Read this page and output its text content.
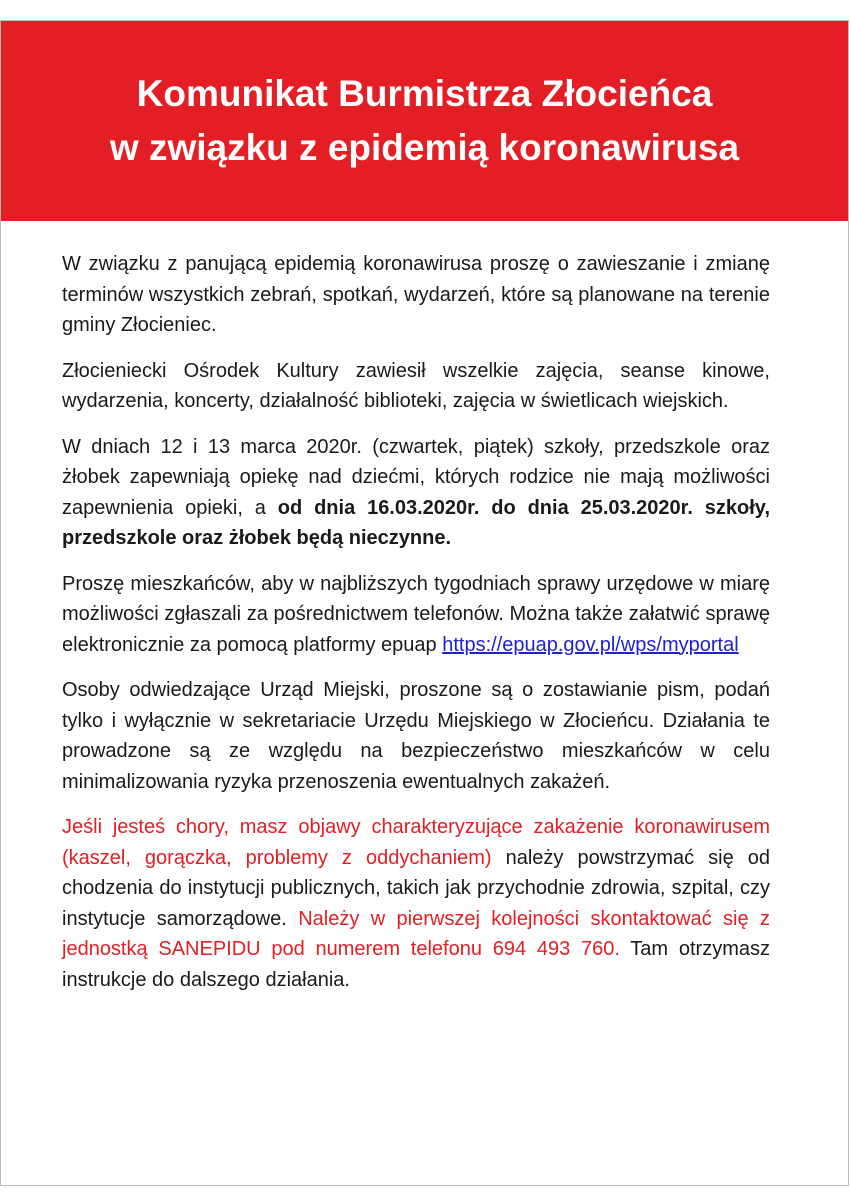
Komunikat Burmistrza Złocieńca
w związku z epidemią koronawirusa

W związku z panującą epidemią koronawirusa proszę o zawieszanie i zmianę terminów wszystkich zebrań, spotkań, wydarzeń, które są planowane na terenie gminy Złocieniec.

Złocieniecki Ośrodek Kultury zawiesił wszelkie zajęcia, seanse kinowe, wydarzenia, koncerty, działalność biblioteki, zajęcia w świetlicach wiejskich.

W dniach 12 i 13 marca 2020r. (czwartek, piątek) szkoły, przedszkole oraz żłobek zapewniają opiekę nad dziećmi, których rodzice nie mają możliwości zapewnienia opieki, a od dnia 16.03.2020r. do dnia 25.03.2020r. szkoły, przedszkole oraz żłobek będą nieczynne.

Proszę mieszkańców, aby w najbliższych tygodniach sprawy urzędowe w miarę możliwości zgłaszali za pośrednictwem telefonów. Można także załatwić sprawę elektronicznie za pomocą platformy epuap https://epuap.gov.pl/wps/myportal

Osoby odwiedzające Urząd Miejski, proszone są o zostawianie pism, podań tylko i wyłącznie w sekretariacie Urzędu Miejskiego w Złocieńcu. Działania te prowadzone są ze względu na bezpieczeństwo mieszkańców w celu minimalizowania ryzyka przenoszenia ewentualnych zakażeń.

Jeśli jesteś chory, masz objawy charakteryzujące zakażenie koronawirusem (kaszel, gorączka, problemy z oddychaniem) należy powstrzymać się od chodzenia do instytucji publicznych, takich jak przychodnie zdrowia, szpital, czy instytucje samorządowe. Należy w pierwszej kolejności skontaktować się z jednostką SANEPIDU pod numerem telefonu 694 493 760. Tam otrzymasz instrukcje do dalszego działania.
